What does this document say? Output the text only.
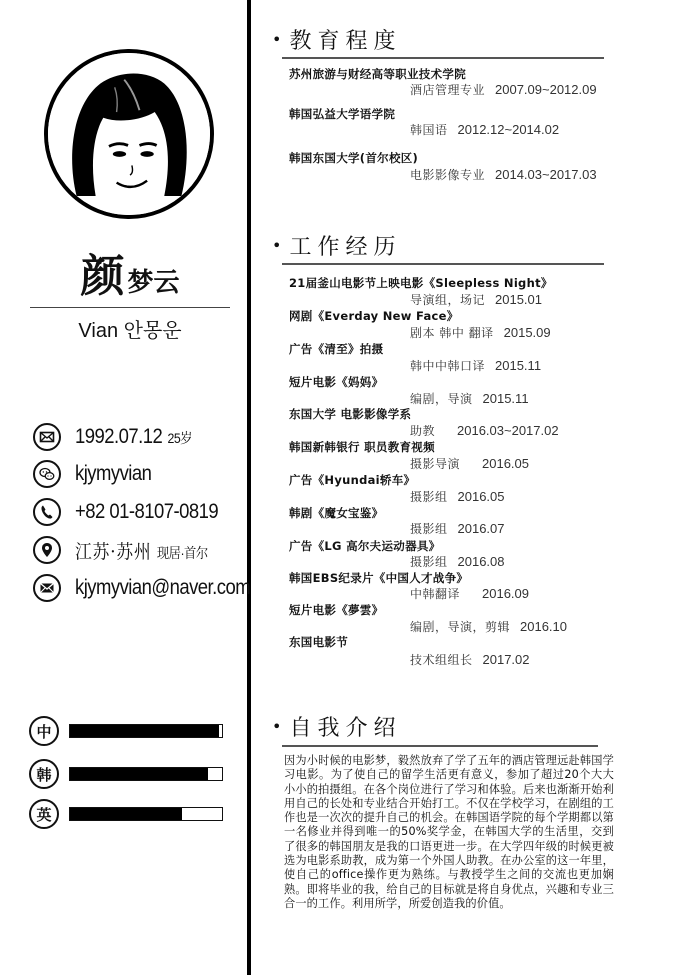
颜梦云
Vian 안몽운
1992.07.12 25岁
kjymyvian
+82 01-8107-0819
江苏·苏州 现居·首尔
kjymyvian@naver.com
中
韩
英
• 教育程度
苏州旅游与财经高等职业技术学院
酒店管理专业 2007.09~2012.09
韩国弘益大学语学院
韩国语 2012.12~2014.02
韩国东国大学(首尔校区)
电影影像专业 2014.03~2017.03
• 工作经历
21届釜山电影节上映电影《Sleepless Night》
导演组，场记 2015.01
网剧《Everday New Face》
剧本 韩中 翻译 2015.09
广告《清至》拍摄
韩中中韩口译 2015.11
短片电影《妈妈》
编剧，导演 2015.11
东国大学 电影影像学系
助教 2016.03~2017.02
韩国新韩银行 职员教育视频
摄影导演 2016.05
广告《Hyundai轿车》
摄影组 2016.05
韩剧《魔女宝鉴》
摄影组 2016.07
广告《LG 高尔夫运动器具》
摄影组 2016.08
韩国EBS纪录片《中国人才战争》
中韩翻译 2016.09
短片电影《夢雲》
编剧，导演，剪辑 2016.10
东国电影节
技术组组长 2017.02
• 自我介绍
因为小时候的电影梦，毅然放弃了学了五年的酒店管理远赴韩国学习电影。为了使自己的留学生活更有意义，参加了超过20个大大小小的拍摄组。在各个岗位进行了学习和体验。后来也渐渐开始利用自己的长处和专业结合开始打工。不仅在学校学习，在剧组的工作也是一次次的提升自己的机会。在韩国语学院的每个学期都以第一名修业并得到唯一的50%奖学金，在韩国大学的生活里，交到了很多的韩国朋友是我的口语更进一步。在大学四年级的时候更被选为电影系助教，成为第一个外国人助教。在办公室的这一年里，使自己的office操作更为熟练。与教授学生之间的交流也更加娴熟。即将毕业的我，给自己的目标就是将自身优点，兴趣和专业三合一的工作。利用所学，所爱创造我的价值。
